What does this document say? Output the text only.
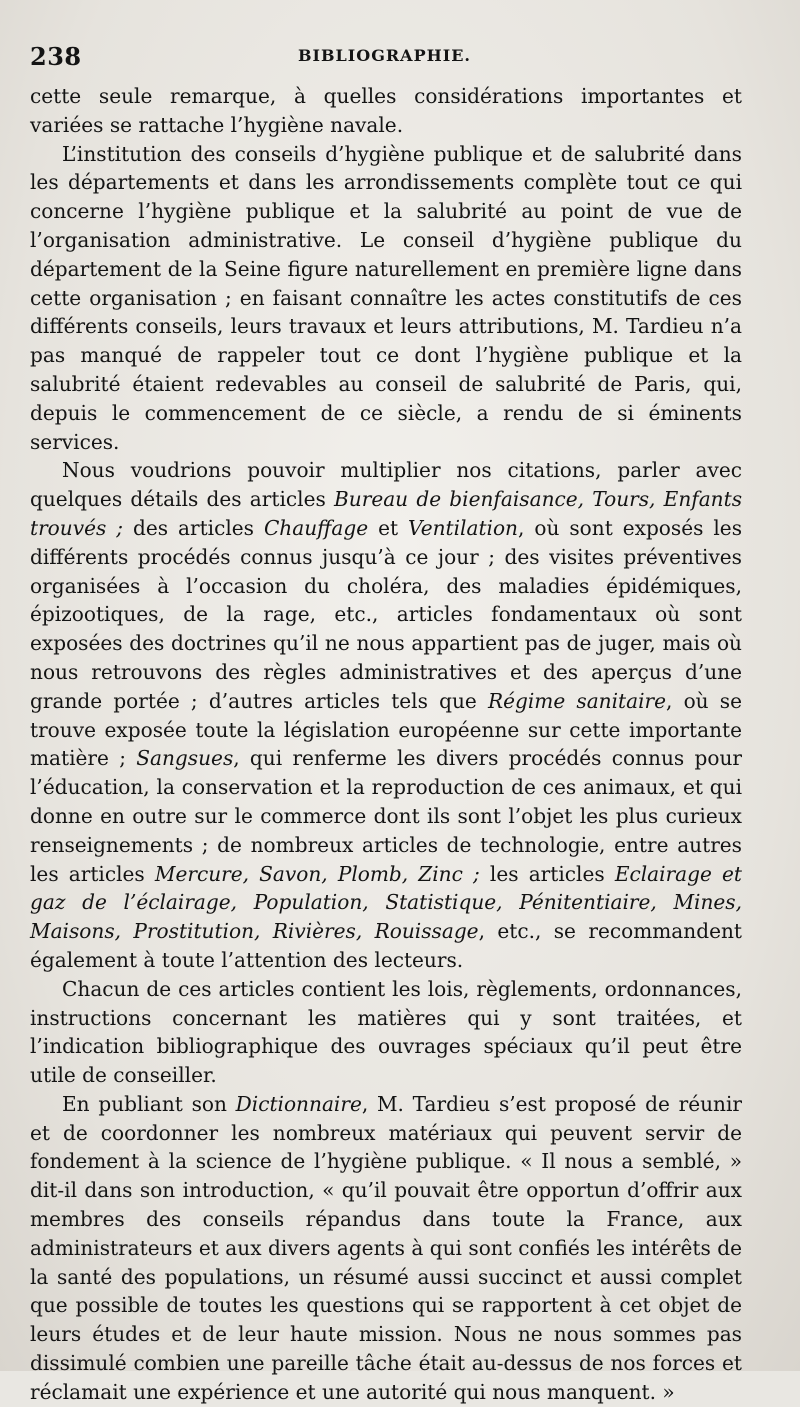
238	BIBLIOGRAPHIE.

cette seule remarque, à quelles considérations importantes et variées se rattache l’hygiène navale.

L’institution des conseils d’hygiène publique et de salubrité dans les départements et dans les arrondissements complète tout ce qui concerne l’hygiène publique et la salubrité au point de vue de l’organisation administrative. Le conseil d’hygiène publique du département de la Seine figure naturellement en première ligne dans cette organisation ; en faisant connaître les actes constitutifs de ces différents conseils, leurs travaux et leurs attributions, M. Tardieu n’a pas manqué de rappeler tout ce dont l’hygiène publique et la salubrité étaient redevables au conseil de salubrité de Paris, qui, depuis le commencement de ce siècle, a rendu de si éminents services.

Nous voudrions pouvoir multiplier nos citations, parler avec quelques détails des articles Bureau de bienfaisance, Tours, Enfants trouvés ; des articles Chauffage et Ventilation, où sont exposés les différents procédés connus jusqu’à ce jour ; des visites préventives organisées à l’occasion du choléra, des maladies épidémiques, épizootiques, de la rage, etc., articles fondamentaux où sont exposées des doctrines qu’il ne nous appartient pas de juger, mais où nous retrouvons des règles administratives et des aperçus d’une grande portée ; d’autres articles tels que Régime sanitaire, où se trouve exposée toute la législation européenne sur cette importante matière ; Sangsues, qui renferme les divers procédés connus pour l’éducation, la conservation et la reproduction de ces animaux, et qui donne en outre sur le commerce dont ils sont l’objet les plus curieux renseignements ; de nombreux articles de technologie, entre autres les articles Mercure, Savon, Plomb, Zinc ; les articles Eclairage et gaz de l’éclairage, Population, Statistique, Pénitentiaire, Mines, Maisons, Prostitution, Rivières, Rouissage, etc., se recommandent également à toute l’attention des lecteurs.

Chacun de ces articles contient les lois, règlements, ordonnances, instructions concernant les matières qui y sont traitées, et l’indication bibliographique des ouvrages spéciaux qu’il peut être utile de conseiller.

En publiant son Dictionnaire, M. Tardieu s’est proposé de réunir et de coordonner les nombreux matériaux qui peuvent servir de fondement à la science de l’hygiène publique. « Il nous a semblé, » dit-il dans son introduction, « qu’il pouvait être opportun d’offrir aux membres des conseils répandus dans toute la France, aux administrateurs et aux divers agents à qui sont confiés les intérêts de la santé des populations, un résumé aussi succinct et aussi complet que possible de toutes les questions qui se rapportent à cet objet de leurs études et de leur haute mission. Nous ne nous sommes pas dissimulé combien une pareille tâche était au-dessus de nos forces et réclamait une expérience et une autorité qui nous manquent. »
